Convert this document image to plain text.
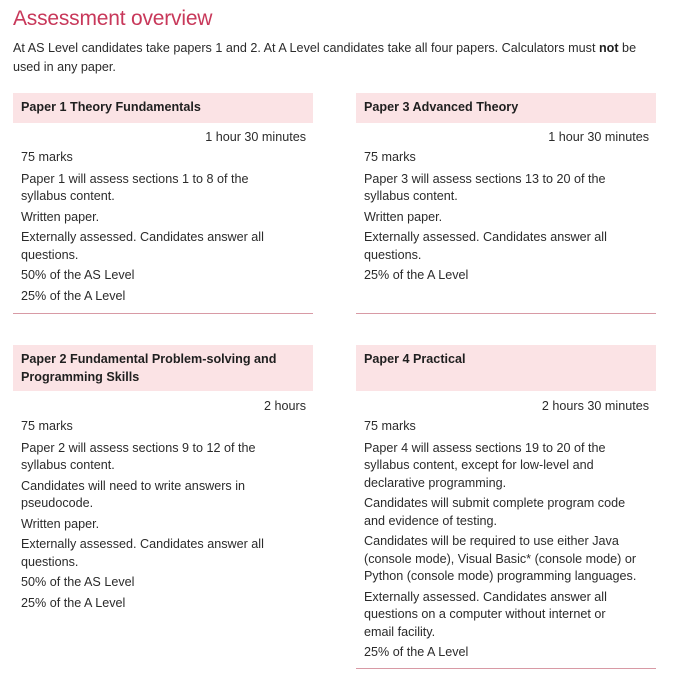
Assessment overview
At AS Level candidates take papers 1 and 2. At A Level candidates take all four papers. Calculators must not be used in any paper.
Paper 1 Theory Fundamentals
1 hour 30 minutes
75 marks
Paper 1 will assess sections 1 to 8 of the syllabus content.
Written paper.
Externally assessed. Candidates answer all questions.
50% of the AS Level
25% of the A Level
Paper 3 Advanced Theory
1 hour 30 minutes
75 marks
Paper 3 will assess sections 13 to 20 of the syllabus content.
Written paper.
Externally assessed. Candidates answer all questions.
25% of the A Level
Paper 2 Fundamental Problem-solving and
Programming Skills
2 hours
75 marks
Paper 2 will assess sections 9 to 12 of the syllabus content.
Candidates will need to write answers in pseudocode.
Written paper.
Externally assessed. Candidates answer all questions.
50% of the AS Level
25% of the A Level
Paper 4 Practical
2 hours 30 minutes
75 marks
Paper 4 will assess sections 19 to 20 of the syllabus content, except for low-level and declarative programming.
Candidates will submit complete program code and evidence of testing.
Candidates will be required to use either Java (console mode), Visual Basic* (console mode) or Python (console mode) programming languages.
Externally assessed. Candidates answer all questions on a computer without internet or email facility.
25% of the A Level
